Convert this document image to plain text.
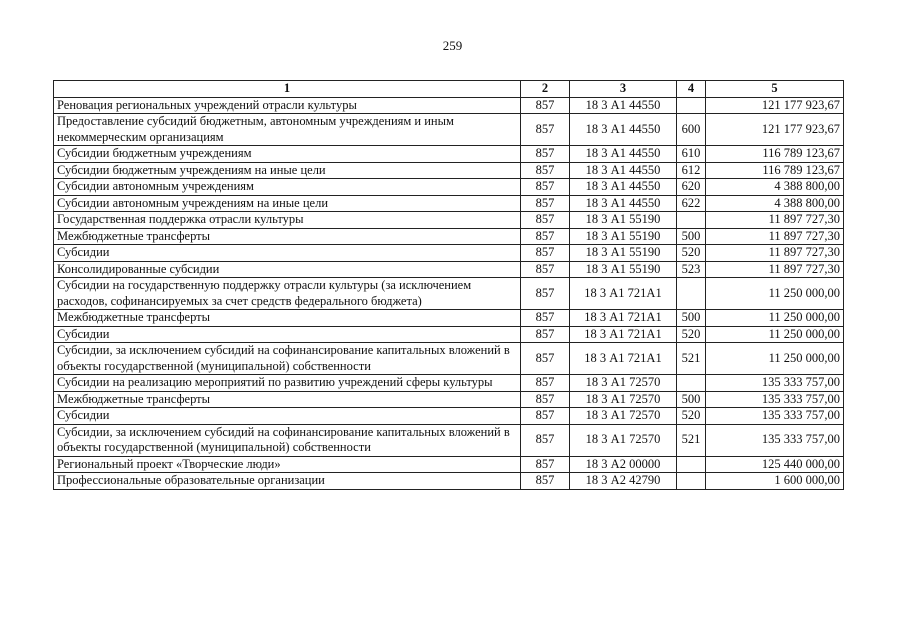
259
1	2	3	4	5
Реновация региональных учреждений отрасли культуры	857	18 3 А1 44550		121 177 923,67
Предоставление субсидий бюджетным, автономным учреждениям и иным некоммерческим организациям	857	18 3 А1 44550	600	121 177 923,67
Субсидии бюджетным учреждениям	857	18 3 А1 44550	610	116 789 123,67
Субсидии бюджетным учреждениям на иные цели	857	18 3 А1 44550	612	116 789 123,67
Субсидии автономным учреждениям	857	18 3 А1 44550	620	4 388 800,00
Субсидии автономным учреждениям на иные цели	857	18 3 А1 44550	622	4 388 800,00
Государственная поддержка отрасли культуры	857	18 3 А1 55190		11 897 727,30
Межбюджетные трансферты	857	18 3 А1 55190	500	11 897 727,30
Субсидии	857	18 3 А1 55190	520	11 897 727,30
Консолидированные субсидии	857	18 3 А1 55190	523	11 897 727,30
Субсидии на государственную поддержку отрасли культуры (за исключением расходов, софинансируемых за счет средств федерального бюджета)	857	18 3 А1 721А1		11 250 000,00
Межбюджетные трансферты	857	18 3 А1 721А1	500	11 250 000,00
Субсидии	857	18 3 А1 721А1	520	11 250 000,00
Субсидии, за исключением субсидий на софинансирование капитальных вложений в объекты государственной (муниципальной) собственности	857	18 3 А1 721А1	521	11 250 000,00
Субсидии на реализацию мероприятий по развитию учреждений сферы культуры	857	18 3 А1 72570		135 333 757,00
Межбюджетные трансферты	857	18 3 А1 72570	500	135 333 757,00
Субсидии	857	18 3 А1 72570	520	135 333 757,00
Субсидии, за исключением субсидий на софинансирование капитальных вложений в объекты государственной (муниципальной) собственности	857	18 3 А1 72570	521	135 333 757,00
Региональный проект «Творческие люди»	857	18 3 А2 00000		125 440 000,00
Профессиональные образовательные организации	857	18 3 А2 42790		1 600 000,00
